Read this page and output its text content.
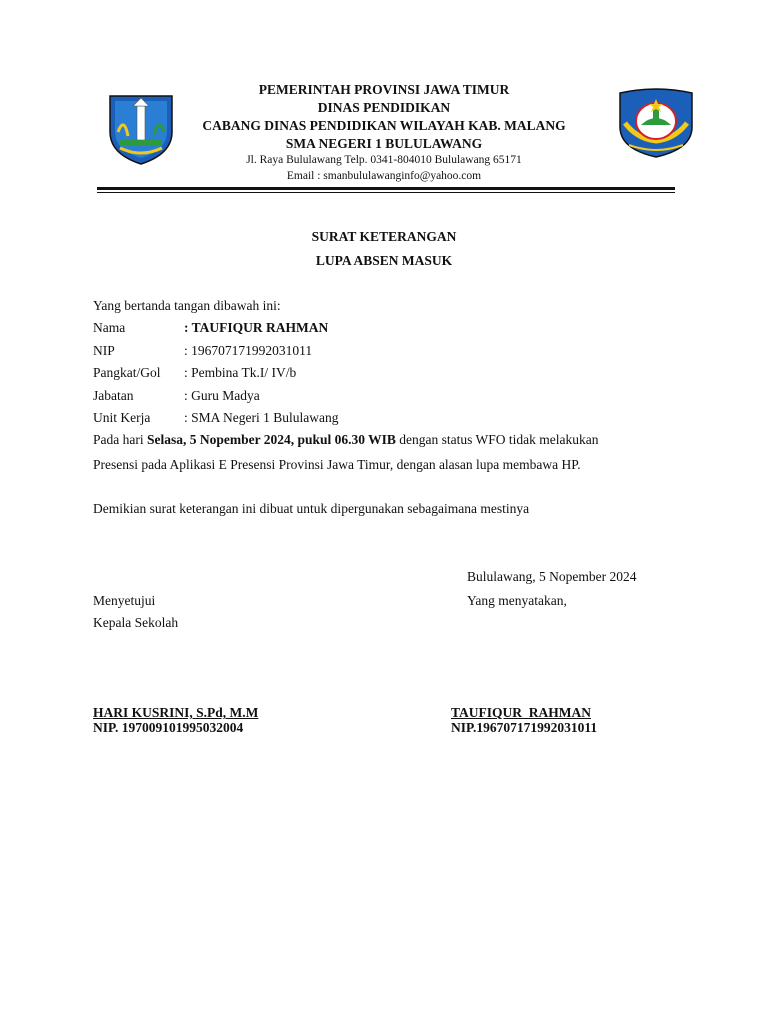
PEMERINTAH PROVINSI JAWA TIMUR
DINAS PENDIDIKAN
CABANG DINAS PENDIDIKAN WILAYAH KAB. MALANG
SMA NEGERI 1 BULULAWANG
Jl. Raya Bululawang Telp. 0341-804010 Bululawang 65171
Email : smanbululawanginfo@yahoo.com
SURAT KETERANGAN
LUPA ABSEN MASUK
Yang bertanda tangan dibawah ini:
Nama	: TAUFIQUR RAHMAN
NIP	: 196707171992031011
Pangkat/Gol : Pembina Tk.I/ IV/b
Jabatan	: Guru Madya
Unit Kerja : SMA Negeri 1 Bululawang
Pada hari Selasa, 5 Nopember 2024, pukul 06.30 WIB dengan status WFO tidak melakukan
Presensi pada Aplikasi E Presensi Provinsi Jawa Timur, dengan alasan lupa membawa HP.
Demikian surat keterangan ini dibuat untuk dipergunakan sebagaimana mestinya
Bululawang, 5 Nopember 2024
Menyetujui	Yang menyatakan,
Kepala Sekolah
HARI KUSRINI, S.Pd, M.M
NIP. 197009101995032004
TAUFIQUR  RAHMAN
NIP.196707171992031011
